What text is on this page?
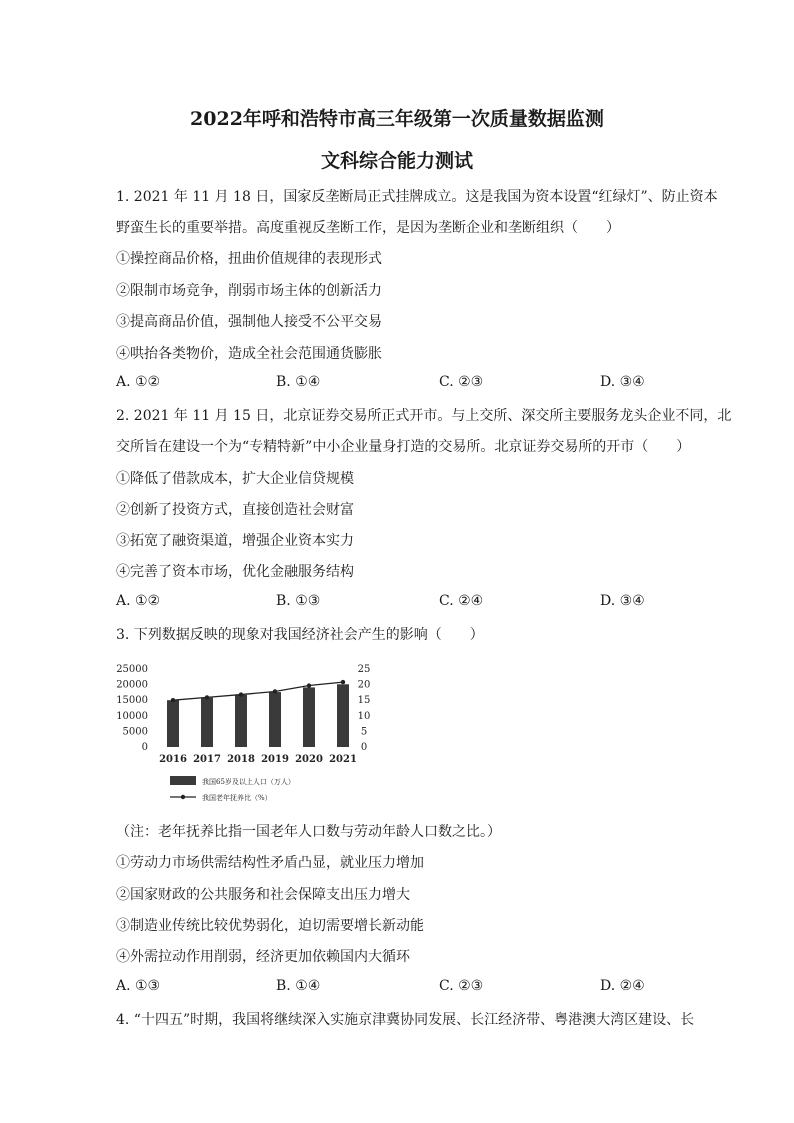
2022年呼和浩特市高三年级第一次质量数据监测
文科综合能力测试
1. 2021 年 11 月 18 日，国家反垄断局正式挂牌成立。这是我国为资本设置“红绿灯”、防止资本
野蛮生长的重要举措。高度重视反垄断工作，是因为垄断企业和垄断组织（　　）
①操控商品价格，扭曲价值规律的表现形式
②限制市场竞争，削弱市场主体的创新活力
③提高商品价值，强制他人接受不公平交易
④哄抬各类物价，造成全社会范围通货膨胀
A. ①②	B. ①④	C. ②③	D. ③④
2. 2021 年 11 月 15 日，北京证券交易所正式开市。与上交所、深交所主要服务龙头企业不同，北
交所旨在建设一个为“专精特新”中小企业量身打造的交易所。北京证券交易所的开市（　　）
①降低了借款成本，扩大企业信贷规模
②创新了投资方式，直接创造社会财富
③拓宽了融资渠道，增强企业资本实力
④完善了资本市场，优化金融服务结构
A. ①②	B. ①③	C. ②④	D. ③④
3. 下列数据反映的现象对我国经济社会产生的影响（　　）
25000
20000
15000
10000
5000
0
25
20
15
10
5
0
2016 2017 2018 2019 2020 2021
我国65岁及以上人口（万人）
我国老年抚养比（%）
（注：老年抚养比指一国老年人口数与劳动年龄人口数之比。）
①劳动力市场供需结构性矛盾凸显，就业压力增加
②国家财政的公共服务和社会保障支出压力增大
③制造业传统比较优势弱化，迫切需要增长新动能
④外需拉动作用削弱，经济更加依赖国内大循环
A. ①③	B. ①④	C. ②③	D. ②④
4. “十四五”时期，我国将继续深入实施京津冀协同发展、长江经济带、粤港澳大湾区建设、长
